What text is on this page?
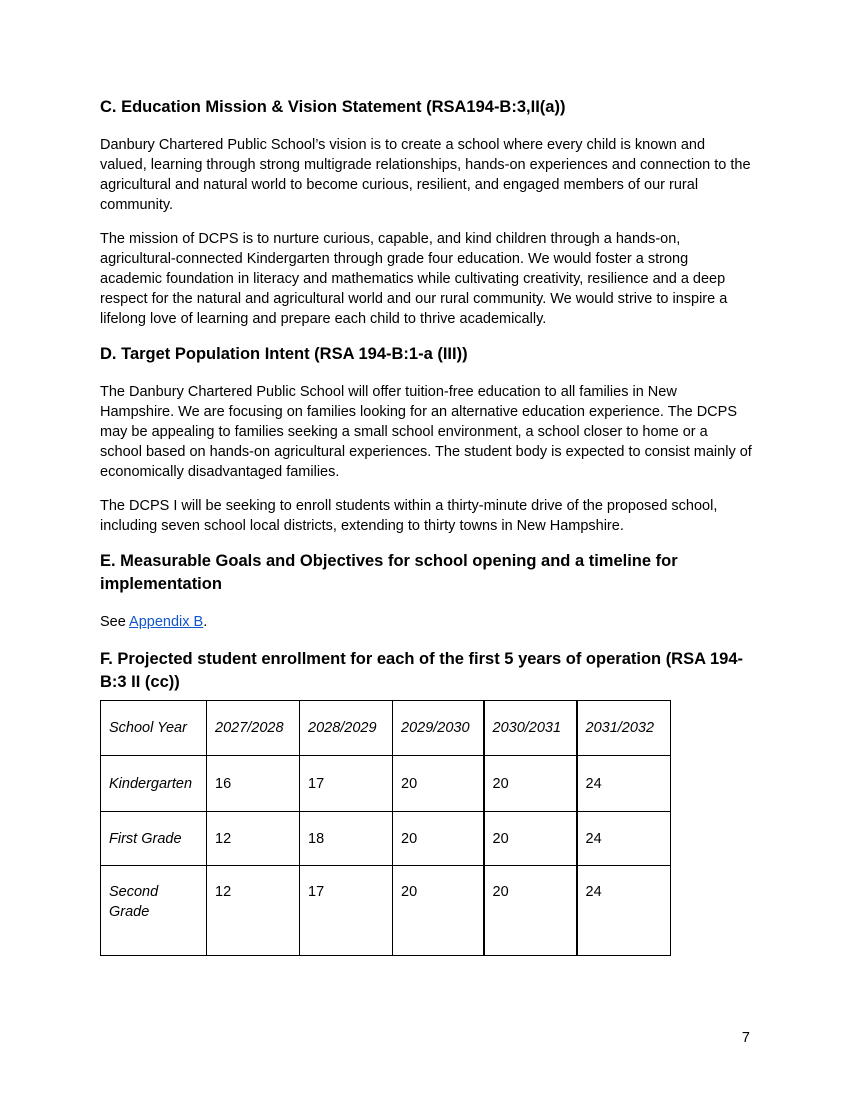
C. Education Mission & Vision Statement (RSA194-B:3,II(a))

Danbury Chartered Public School’s vision is to create a school where every child is known and valued, learning through strong multigrade relationships, hands-on experiences and connection to the agricultural and natural world to become curious, resilient, and engaged members of our rural community.

The mission of DCPS is to nurture curious, capable, and kind children through a hands-on, agricultural-connected Kindergarten through grade four education. We would foster a strong academic foundation in literacy and mathematics while cultivating creativity, resilience and a deep respect for the natural and agricultural world and our rural community. We would strive to inspire a lifelong love of learning and prepare each child to thrive academically.

D. Target Population Intent (RSA 194-B:1-a (III))

The Danbury Chartered Public School will offer tuition-free education to all families in New Hampshire. We are focusing on families looking for an alternative education experience. The DCPS may be appealing to families seeking a small school environment, a school closer to home or a school based on hands-on agricultural experiences. The student body is expected to consist mainly of economically disadvantaged families.

The DCPS I will be seeking to enroll students within a thirty-minute drive of the proposed school, including seven school local districts, extending to thirty towns in New Hampshire.

E. Measurable Goals and Objectives for school opening and a timeline for implementation

See Appendix B.

F. Projected student enrollment for each of the first 5 years of operation (RSA 194-B:3 II (cc))
School Year	2027/2028	2028/2029	2029/2030	2030/2031	2031/2032
Kindergarten	16	17	20	20	24
First Grade	12	18	20	20	24
Second Grade	12	17	20	20	24
7
